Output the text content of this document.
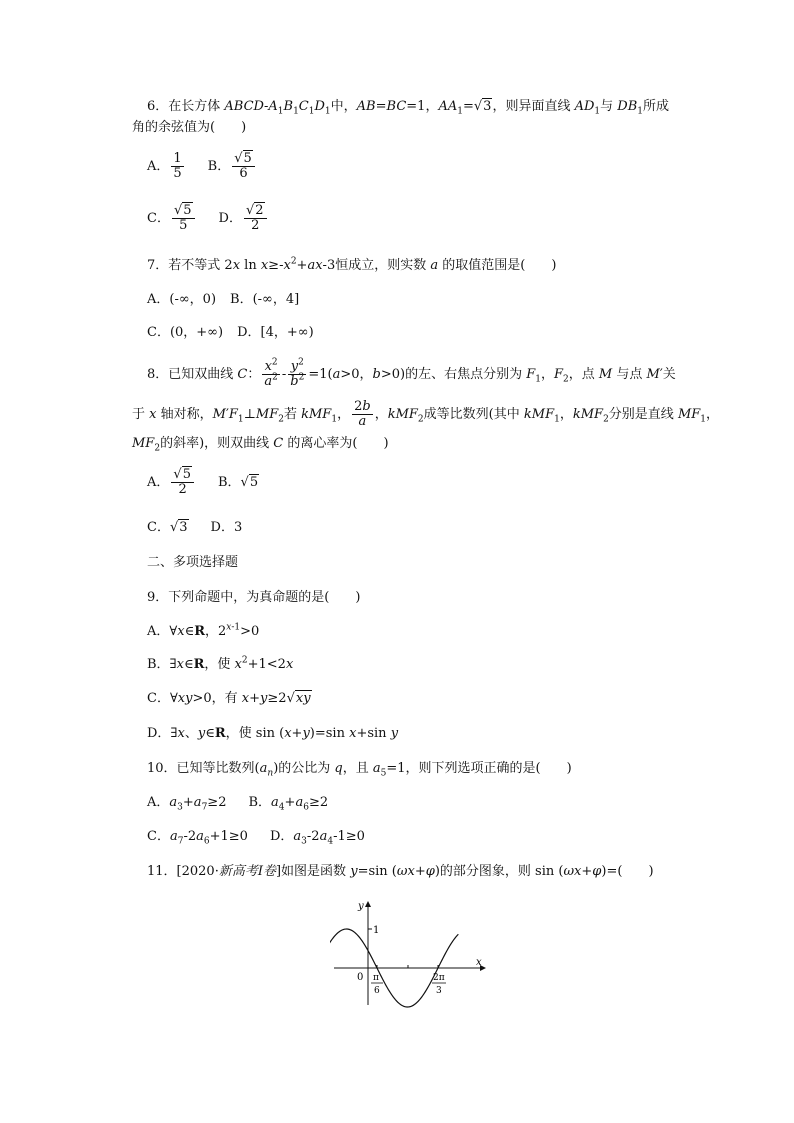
6．在长方体 ABCD-$A_1B_1C_1D_1$中，AB=BC=1，$AA_1=√3$，则异面直线 $AD_1$与 $DB_1$所成
角的余弦值为(　　)
A． $\frac{1}{5}$ B． $\frac{√5}{6}$
C． $\frac{√5}{5}$ D． $\frac{√2}{2}$
7．若不等式 2x $\ln x\ge-x^2+ax-3$恒成立，则实数 a 的取值范围是(　　)
A．(-∞，0) B．(-∞，4]
C．(0，+∞) D．[4，+∞)
8．已知双曲线 C： $\frac{x^2}{a^2} - \frac{y^2}{b^2} =1(a>0$，b>0)的左、右焦点分别为 $F_1$，$F_2$，点 M 与点 M′关
于 x 轴对称，$M'F_1\perp MF_2$若 kMF$_1$， $\frac{2b}{a}$ ，kMF$_2$成等比数列(其中 kMF$_1$，kMF$_2$分别是直线 $MF_1$，
$MF_2$的斜率)，则双曲线 C 的离心率为(　　)
A． $\frac{√5}{2}$ B．√5
C．√3 D．3
二、多项选择题
9．下列命题中，为真命题的是(　　)
A．∀x∈R，$2^{x-1}>0$
B．∃x∈R，使 $x^2+1<2x$
C．∀xy>0，有 x+y≥2√xy
D．∃x、y∈R，使 sin (x+y)=sin x+sin y
10．已知等比数列$(a_n)$的公比为 q，且 $a_5=1$，则下列选项正确的是(　　)
A．$a_3+a_7\ge 2$ B．$a_4+a_6\ge 2$
C．$a_7-2a_6+1\ge 0$ D．$a_3-2a_4-1\ge 0$
11．[2020·新高考Ⅰ卷]如图是函数 y=sin (ωx+φ)的部分图象，则 sin (ωx+φ)=(　　)
y
x
0
1
π
6
2π
3
